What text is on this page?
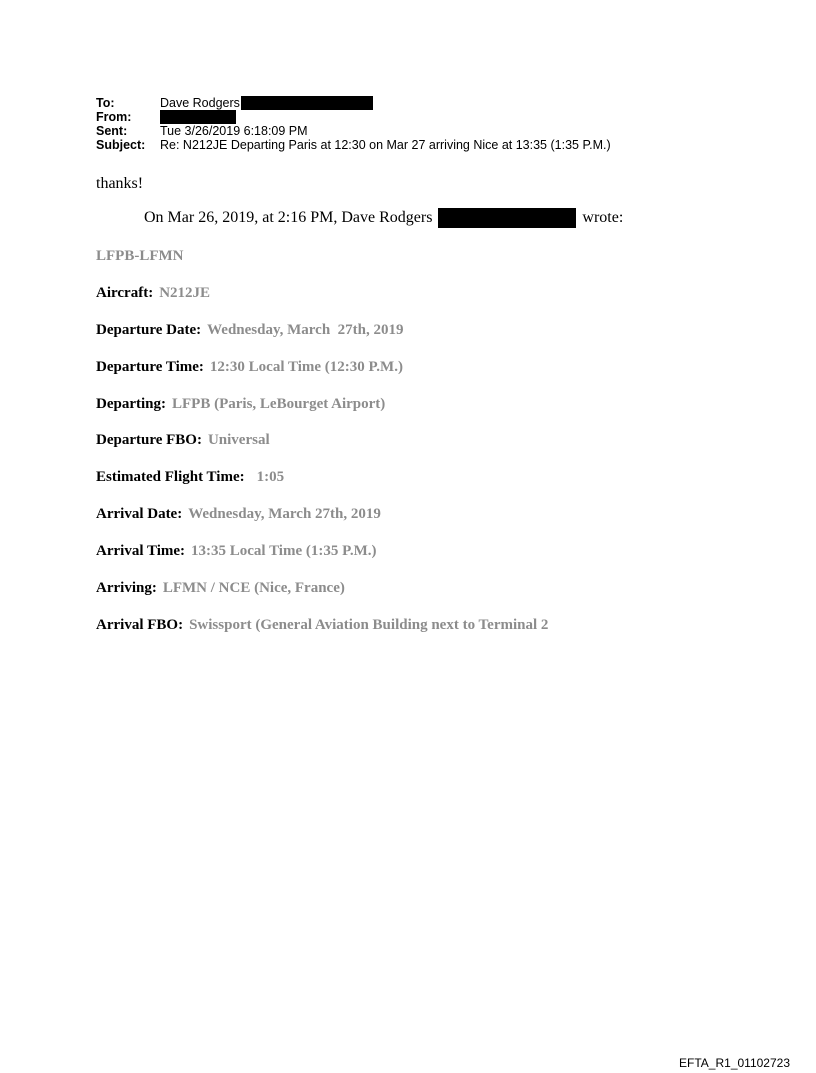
To:	Dave Rodgers
From:
Sent:	Tue 3/26/2019 6:18:09 PM
Subject:	Re: N212JE Departing Paris at 12:30 on Mar 27 arriving Nice at 13:35 (1:35 P.M.)
thanks!
On Mar 26, 2019, at 2:16 PM, Dave Rodgers	wrote:
LFPB-LFMN
Aircraft: N212JE
Departure Date: Wednesday, March  27th, 2019
Departure Time: 12:30 Local Time (12:30 P.M.)
Departing: LFPB (Paris, LeBourget Airport)
Departure FBO: Universal
Estimated Flight Time: 1:05
Arrival Date: Wednesday, March 27th, 2019
Arrival Time: 13:35 Local Time (1:35 P.M.)
Arriving: LFMN / NCE (Nice, France)
Arrival FBO: Swissport (General Aviation Building next to Terminal 2
EFTA_R1_01102723
